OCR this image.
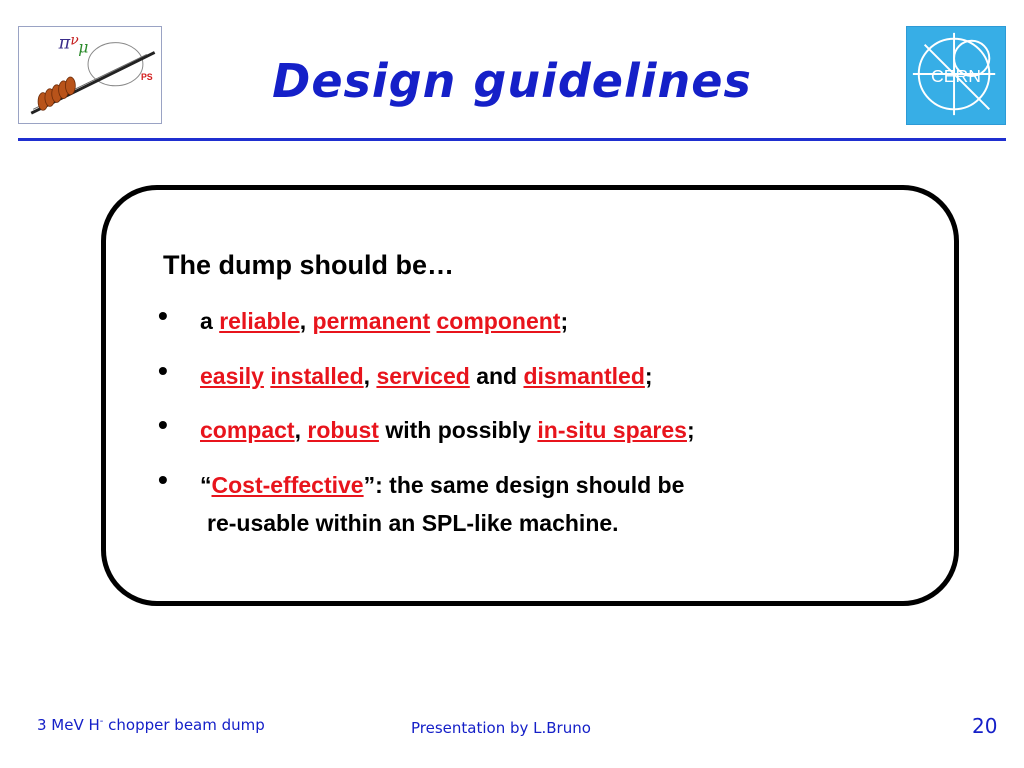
π ν μ
PS	Design guidelines	CERN
The dump should be…
• a reliable, permanent component;
• easily installed, serviced and dismantled;
• compact, robust with possibly in-situ spares;
• “Cost-effective”: the same design should be
re-usable within an SPL-like machine.
3 MeV H- chopper beam dump	Presentation by L.Bruno	20
